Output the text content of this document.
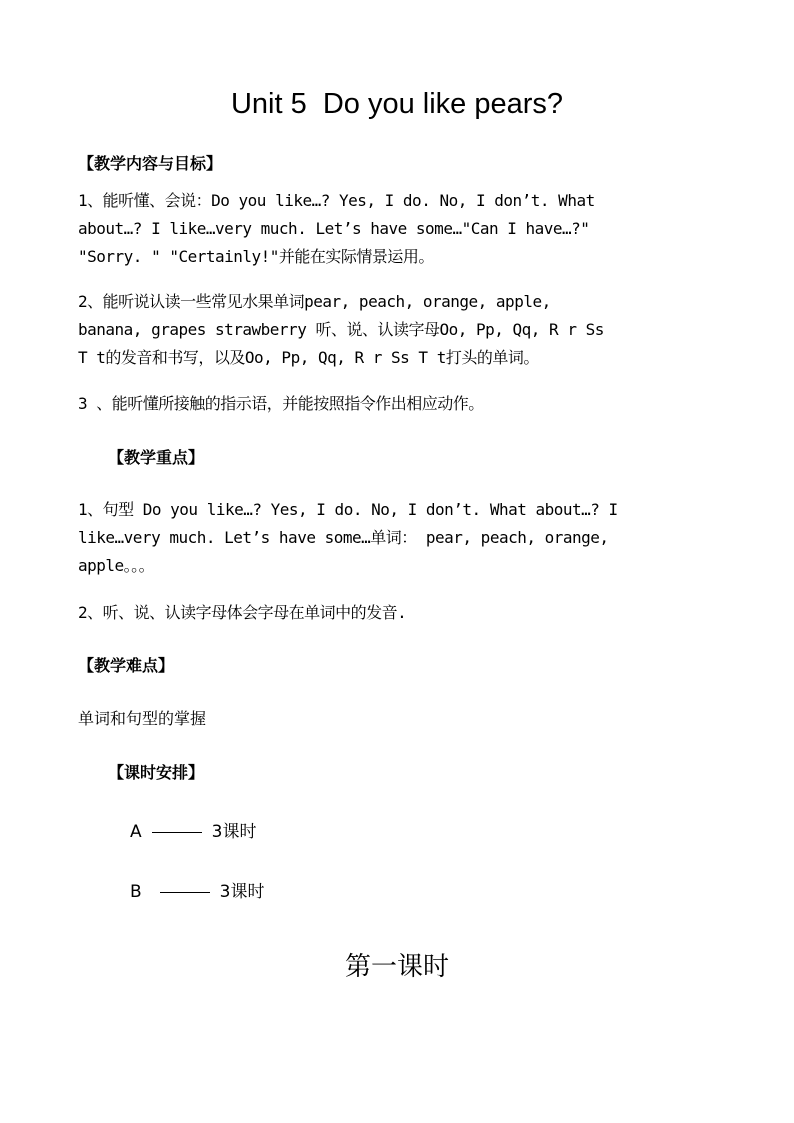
Unit 5  Do you like pears?
【教学内容与目标】
1、能听懂、会说：Do you like…? Yes, I do. No, I don’t. What
about…? I like…very much. Let’s have some…"Can I have…?"
"Sorry. " "Certainly!"并能在实际情景运用。
2、能听说认读一些常见水果单词pear, peach, orange, apple,
banana, grapes strawberry 听、说、认读字母Oo, Pp, Qq, R r Ss
T t的发音和书写，以及Oo, Pp, Qq, R r Ss T t打头的单词。
3 、能听懂所接触的指示语，并能按照指令作出相应动作。
【教学重点】
1、句型 Do you like…? Yes, I do. No, I don’t. What about…? I
like…very much. Let’s have some…单词： pear, peach, orange,
apple。。。
2、听、说、认读字母体会字母在单词中的发音.
【教学难点】
单词和句型的掌握
【课时安排】
A	3课时
B	3课时
第一课时
